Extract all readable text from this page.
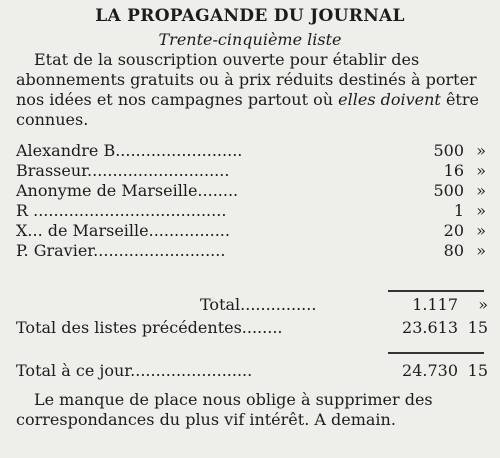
LA PROPAGANDE DU JOURNAL
Trente-cinquième liste
Etat de la souscription ouverte pour établir des abonnements gratuits ou à prix réduits destinés à porter nos idées et nos campagnes partout où elles doivent être connues.
Alexandre B.........................	500 »
Brasseur............................	16 »
Anonyme de Marseille........	500 »
R ......................................	1 »
X... de Marseille................	20 »
P. Gravier..........................	80 »
Total...............	1.117 »
Total des listes précédentes........	23.613 15
Total à ce jour........................	24.730 15
Le manque de place nous oblige à supprimer des correspondances du plus vif intérêt. A demain.
